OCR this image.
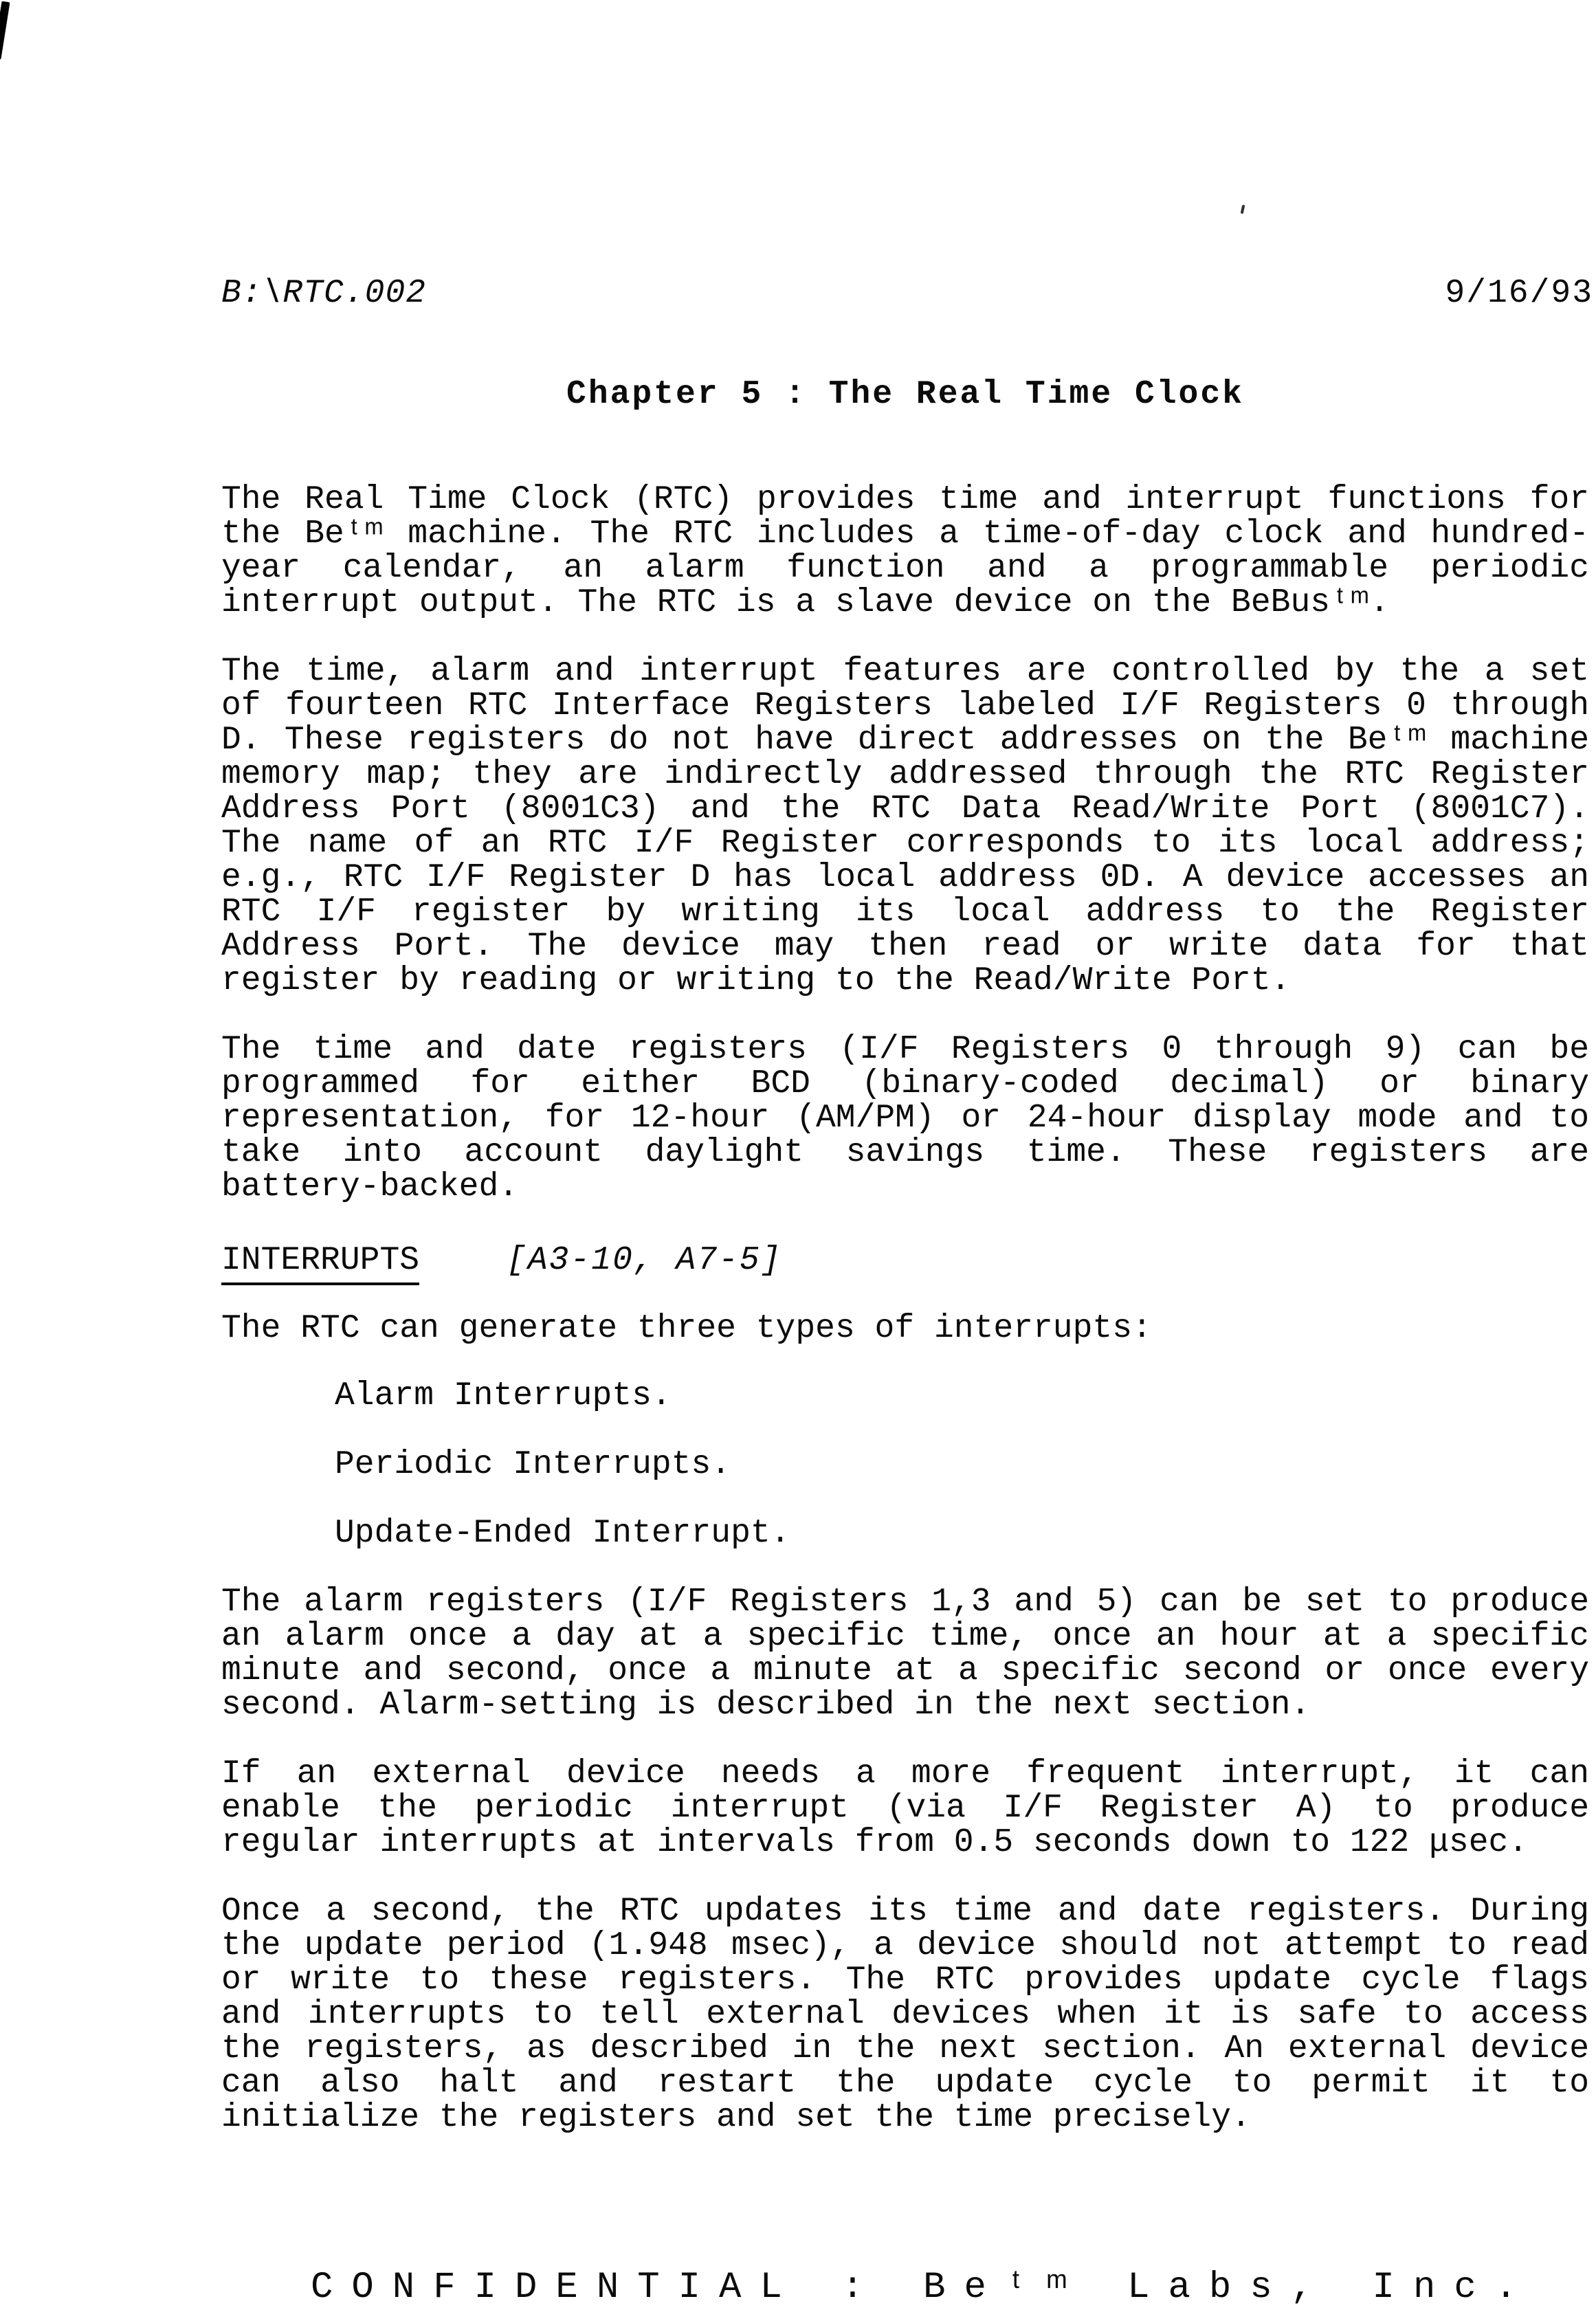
B:\RTC.002	9/16/93
Chapter 5 : The Real Time Clock
The Real Time Clock (RTC) provides time and interrupt functions for
the Beᵗᵐ machine. The RTC includes a time-of-day clock and hundred-
year calendar, an alarm function and a programmable periodic
interrupt output. The RTC is a slave device on the BeBusᵗᵐ.
The time, alarm and interrupt features are controlled by the a set
of fourteen RTC Interface Registers labeled I/F Registers 0 through
D. These registers do not have direct addresses on the Beᵗᵐ machine
memory map; they are indirectly addressed through the RTC Register
Address Port (8001C3) and the RTC Data Read/Write Port (8001C7).
The name of an RTC I/F Register corresponds to its local address;
e.g., RTC I/F Register D has local address 0D. A device accesses an
RTC I/F register by writing its local address to the Register
Address Port. The device may then read or write data for that
register by reading or writing to the Read/Write Port.
The time and date registers (I/F Registers 0 through 9) can be
programmed for either BCD (binary-coded decimal) or binary
representation, for 12-hour (AM/PM) or 24-hour display mode and to
take into account daylight savings time. These registers are
battery-backed.
INTERRUPTS	[A3-10, A7-5]
The RTC can generate three types of interrupts:
Alarm Interrupts.
Periodic Interrupts.
Update-Ended Interrupt.
The alarm registers (I/F Registers 1,3 and 5) can be set to produce
an alarm once a day at a specific time, once an hour at a specific
minute and second, once a minute at a specific second or once every
second. Alarm-setting is described in the next section.
If an external device needs a more frequent interrupt, it can
enable the periodic interrupt (via I/F Register A) to produce
regular interrupts at intervals from 0.5 seconds down to 122 μsec.
Once a second, the RTC updates its time and date registers. During
the update period (1.948 msec), a device should not attempt to read
or write to these registers. The RTC provides update cycle flags
and interrupts to tell external devices when it is safe to access
the registers, as described in the next section. An external device
can also halt and restart the update cycle to permit it to
initialize the registers and set the time precisely.
CONFIDENTIAL : Beᵗᵐ Labs, Inc.
